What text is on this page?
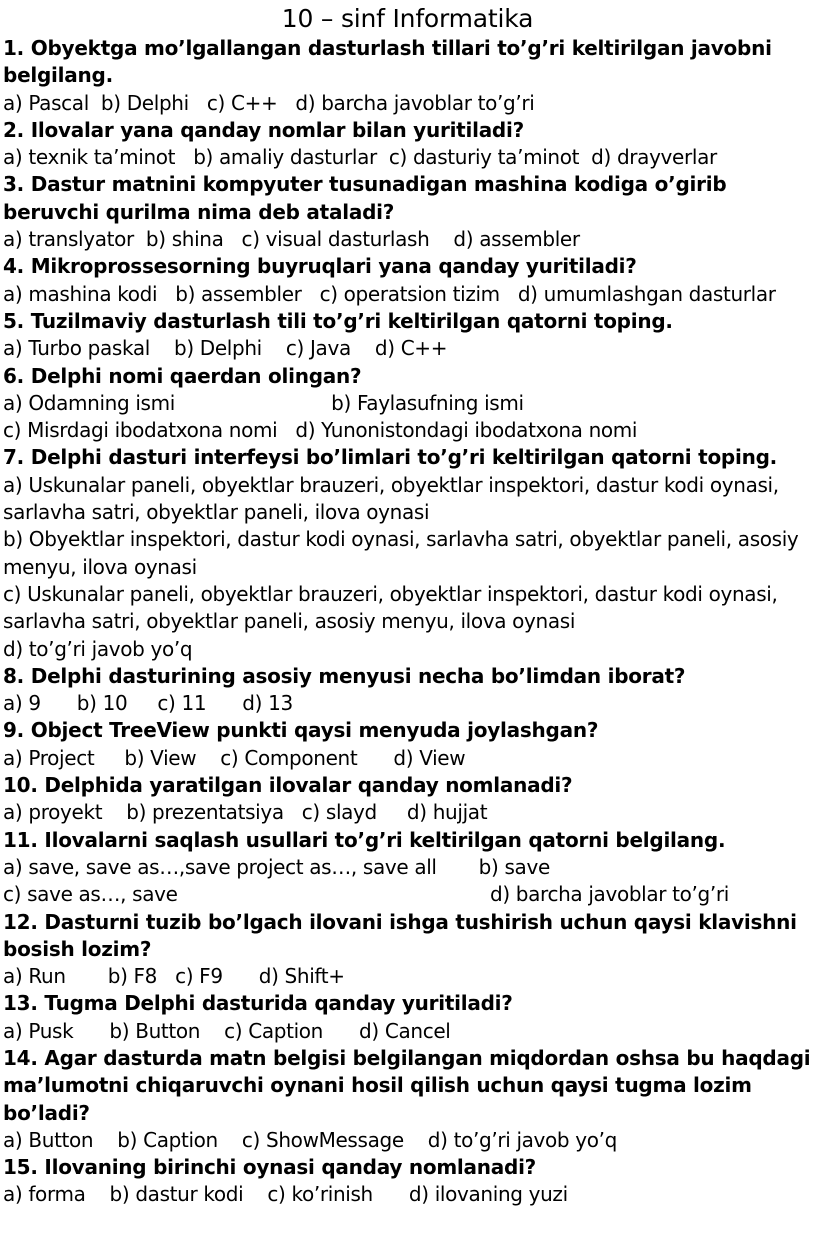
10 – sinf Informatika

1. Obyektga mo’lgallangan dasturlash tillari to’g’ri keltirilgan javobni belgilang.

a) Pascal  b) Delphi   c) C++   d) barcha javoblar to’g’ri

2. Ilovalar yana qanday nomlar bilan yuritiladi?

a) texnik ta’minot   b) amaliy dasturlar  c) dasturiy ta’minot  d) drayverlar

3. Dastur matnini kompyuter tusunadigan mashina kodiga o’girib beruvchi qurilma nima deb ataladi?

a) translyator  b) shina   c) visual dasturlash    d) assembler

4. Mikroprossesorning buyruqlari yana qanday yuritiladi?

a) mashina kodi   b) assembler   c) operatsion tizim   d) umumlashgan dasturlar

5. Tuzilmaviy dasturlash tili to’g’ri keltirilgan qatorni toping.

a) Turbo paskal    b) Delphi    c) Java    d) C++

6. Delphi nomi qaerdan olingan?

a) Odamning ismi                          b) Faylasufning ismi

c) Misrdagi ibodatxona nomi   d) Yunonistondagi ibodatxona nomi

7. Delphi dasturi interfeysi bo’limlari to’g’ri keltirilgan qatorni toping.

a) Uskunalar paneli, obyektlar brauzeri, obyektlar inspektori, dastur kodi oynasi, sarlavha satri, obyektlar paneli, ilova oynasi

b) Obyektlar inspektori, dastur kodi oynasi, sarlavha satri, obyektlar paneli, asosiy menyu, ilova oynasi

c) Uskunalar paneli, obyektlar brauzeri, obyektlar inspektori, dastur kodi oynasi, sarlavha satri, obyektlar paneli, asosiy menyu, ilova oynasi

d) to’g’ri javob yo’q

8. Delphi dasturining asosiy menyusi necha bo’limdan iborat?

a) 9      b) 10     c) 11      d) 13

9. Object TreeView punkti qaysi menyuda joylashgan?

a) Project     b) View    c) Component      d) View

10. Delphida yaratilgan ilovalar qanday nomlanadi?

a) proyekt    b) prezentatsiya   c) slayd     d) hujjat

11. Ilovalarni saqlash usullari to’g’ri keltirilgan qatorni belgilang.

a) save, save as…,save project as…, save all       b) save

c) save as…, save                                                    d) barcha javoblar to’g’ri

12. Dasturni tuzib bo’lgach ilovani ishga tushirish uchun qaysi klavishni bosish lozim?

a) Run       b) F8   c) F9      d) Shift+

13. Tugma Delphi dasturida qanday yuritiladi?

a) Pusk      b) Button    c) Caption      d) Cancel

14. Agar dasturda matn belgisi belgilangan miqdordan oshsa bu haqdagi ma’lumotni chiqaruvchi oynani hosil qilish uchun qaysi tugma lozim bo’ladi?

a) Button    b) Caption    c) ShowMessage    d) to’g’ri javob yo’q

15. Ilovaning birinchi oynasi qanday nomlanadi?

a) forma    b) dastur kodi    c) ko’rinish      d) ilovaning yuzi
